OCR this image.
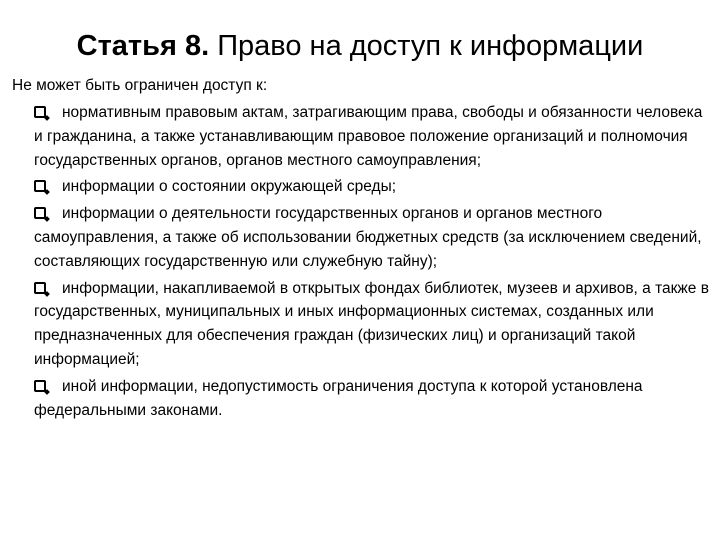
Статья 8. Право на доступ к информации
Не может быть ограничен доступ к:
нормативным правовым актам, затрагивающим права, свободы и обязанности человека и гражданина, а также устанавливающим правовое положение организаций и полномочия государственных органов, органов местного самоуправления;
информации о состоянии окружающей среды;
информации о деятельности государственных органов и органов местного самоуправления, а также об использовании бюджетных средств (за исключением сведений, составляющих государственную или служебную тайну);
информации, накапливаемой в открытых фондах библиотек, музеев и архивов, а также в государственных, муниципальных и иных информационных системах, созданных или предназначенных для обеспечения граждан (физических лиц) и организаций такой информацией;
иной информации, недопустимость ограничения доступа к которой установлена федеральными законами.
